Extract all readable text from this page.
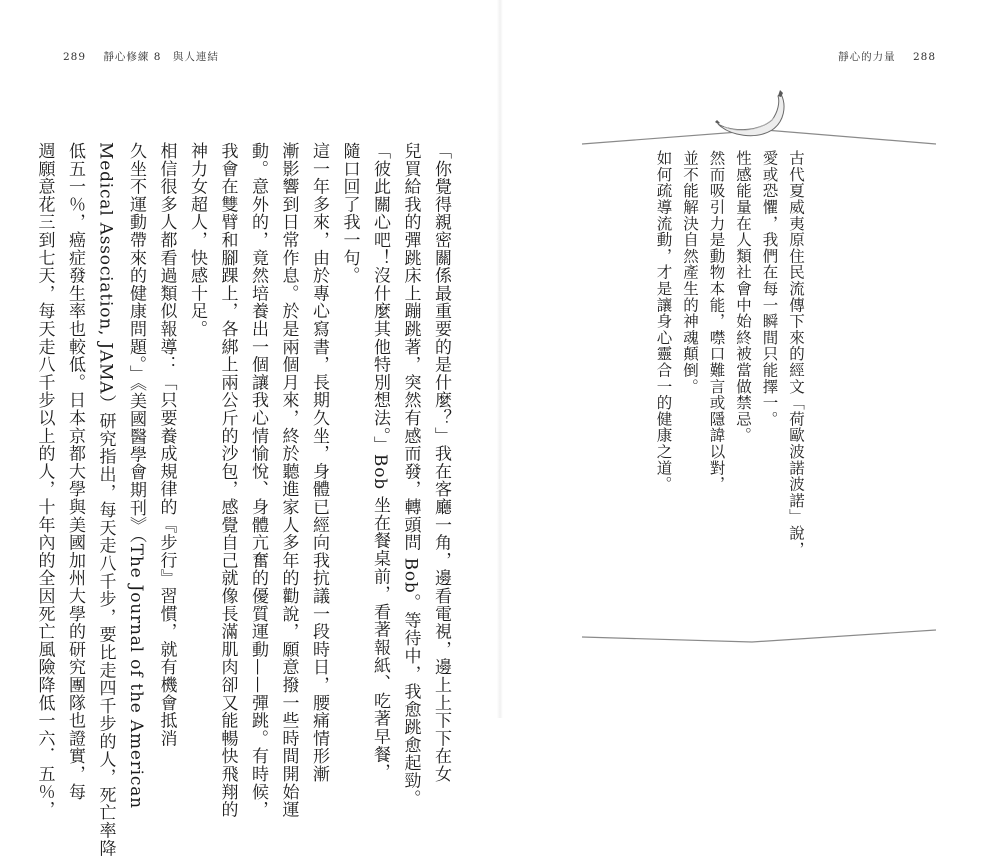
289 靜心修練 8　與人連結
「你覺得親密關係最重要的是什麼？」我在客廳一角，邊看電視，邊上上下下在女
兒買給我的彈跳床上蹦跳著，突然有感而發，轉頭問 Bob。等待中，我愈跳愈起勁。
「彼此關心吧！沒什麼其他特別想法。」Bob 坐在餐桌前，看著報紙、吃著早餐，
隨口回了我一句。
這一年多來，由於專心寫書，長期久坐，身體已經向我抗議一段時日，腰痛情形漸
漸影響到日常作息。於是兩個月來，終於聽進家人多年的勸說，願意撥一些時間開始運
動。意外的，竟然培養出一個讓我心情愉悅、身體亢奮的優質運動——彈跳。有時候，
我會在雙臂和腳踝上，各綁上兩公斤的沙包，感覺自己就像長滿肌肉卻又能暢快飛翔的
神力女超人，快感十足。
相信很多人都看過類似報導：「只要養成規律的『步行』習慣，就有機會抵消
久坐不運動帶來的健康問題。」《美國醫學會期刊》（The Journal of the American
Medical Association, JAMA）研究指出，每天走八千步，要比走四千步的人，死亡率降
低五一％，癌症發生率也較低。日本京都大學與美國加州大學的研究團隊也證實，每
週願意花三到七天，每天走八千步以上的人，十年內的全因死亡風險降低一六．五％，
靜心的力量 288
古代夏威夷原住民流傳下來的經文「荷歐波諾波諾」說，
愛或恐懼，我們在每一瞬間只能擇一。
性感能量在人類社會中始終被當做禁忌。
然而吸引力是動物本能，噤口難言或隱諱以對，
並不能解決自然產生的神魂顛倒。
如何疏導流動，才是讓身心靈合一的健康之道。
